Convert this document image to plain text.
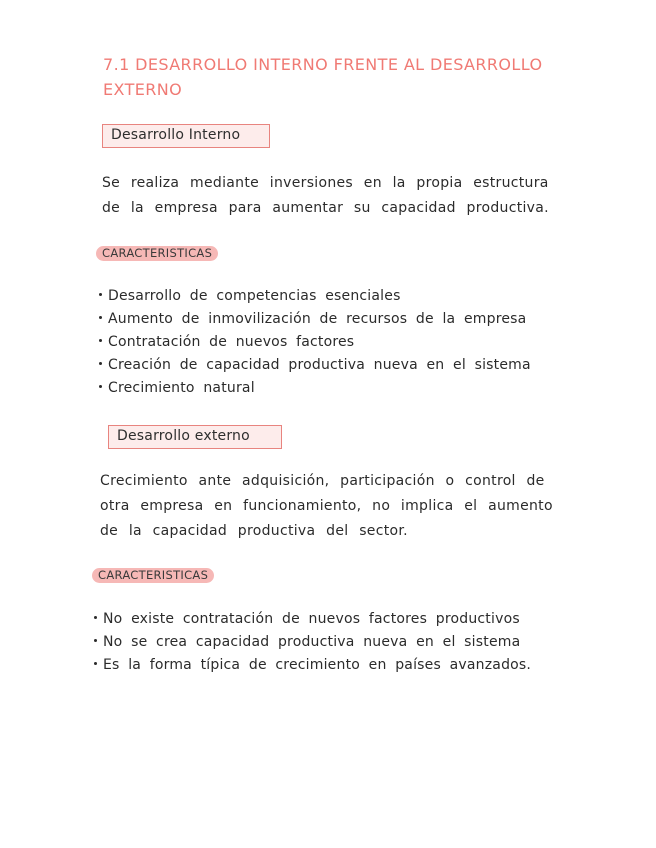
7.1 DESARROLLO INTERNO FRENTE AL DESARROLLO
EXTERNO
Desarrollo Interno

Se realiza mediante inversiones en la propia estructura
de la empresa para aumentar su capacidad productiva.

CARACTERISTICAS
Desarrollo de competencias esenciales
Aumento de inmovilización de recursos de la empresa
Contratación de nuevos factores
Creación de capacidad productiva nueva en el sistema
Crecimiento natural
Desarrollo externo

Crecimiento ante adquisición, participación o control de
otra empresa en funcionamiento, no implica el aumento
de la capacidad productiva del sector.

CARACTERISTICAS
No existe contratación de nuevos factores productivos
No se crea capacidad productiva nueva en el sistema
Es la forma típica de crecimiento en países avanzados.
